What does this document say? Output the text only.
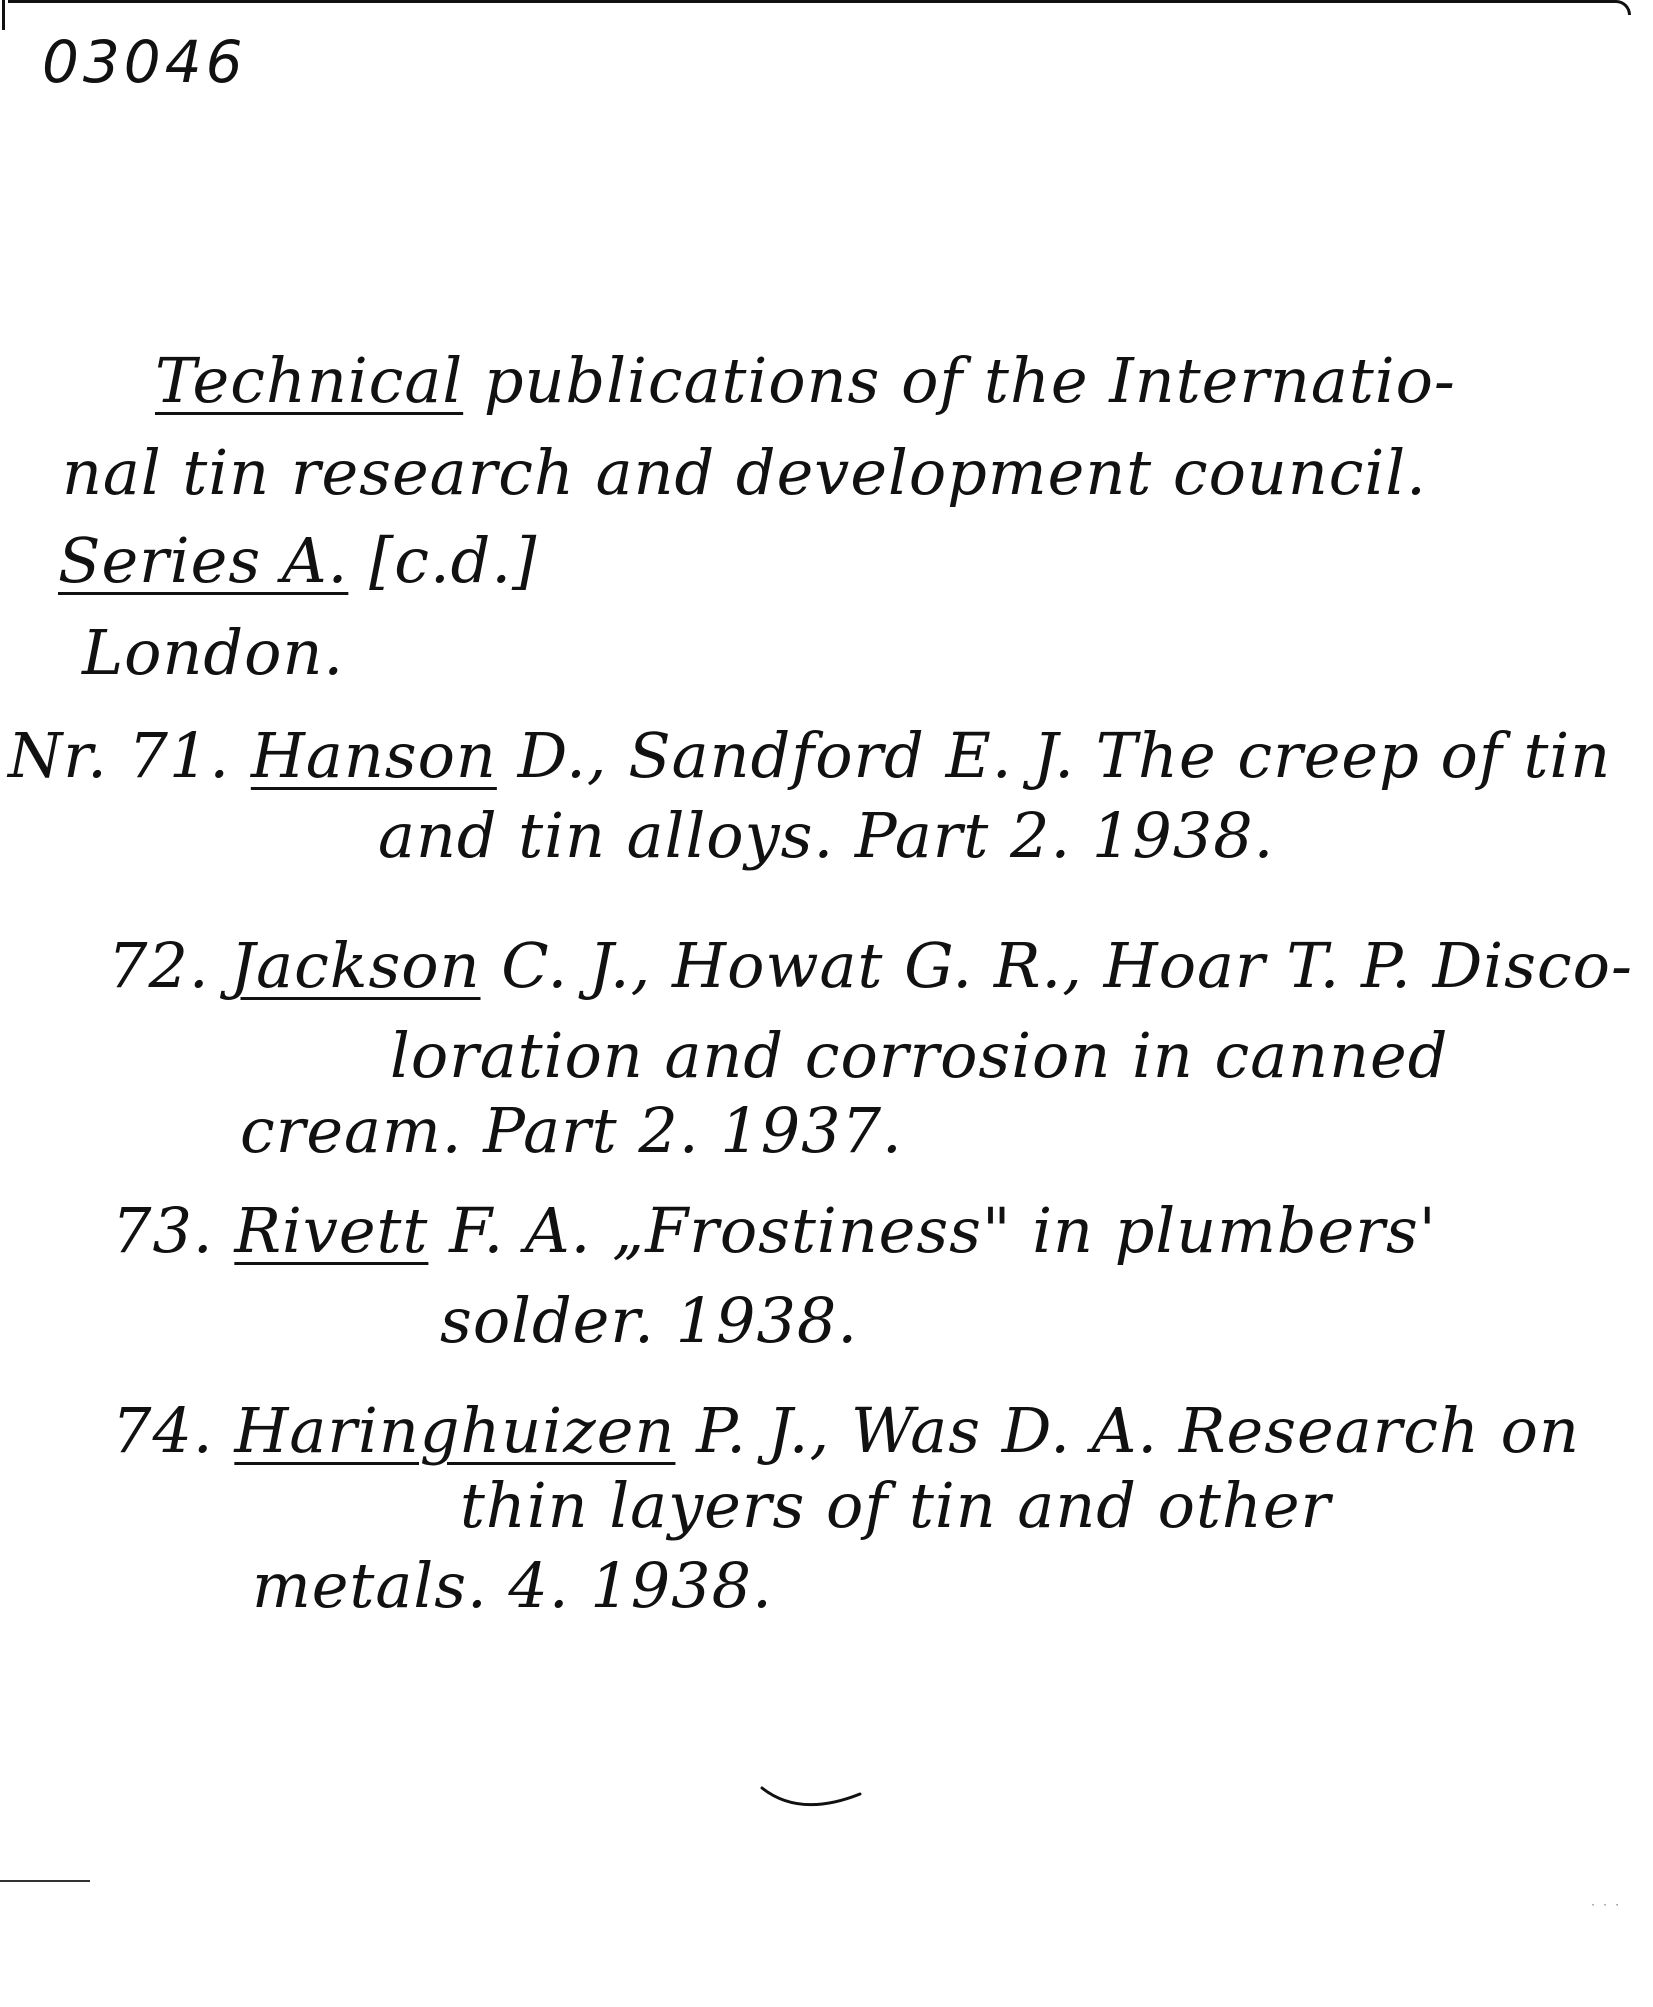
03046
Technical publications of the Internatio-
nal tin research and development council.
Series A. [c.d.]
London.
Nr. 71. Hanson D., Sandford E. J. The creep of tin
and tin alloys. Part 2. 1938.
72. Jackson C. J., Howat G. R., Hoar T. P. Disco-
loration and corrosion in canned
cream. Part 2. 1937.
73. Rivett F. A. „Frostiness" in plumbers'
solder. 1938.
74. Haringhuizen P. J., Was D. A. Research on
thin layers of tin and other
metals. 4. 1938.
· · ·
